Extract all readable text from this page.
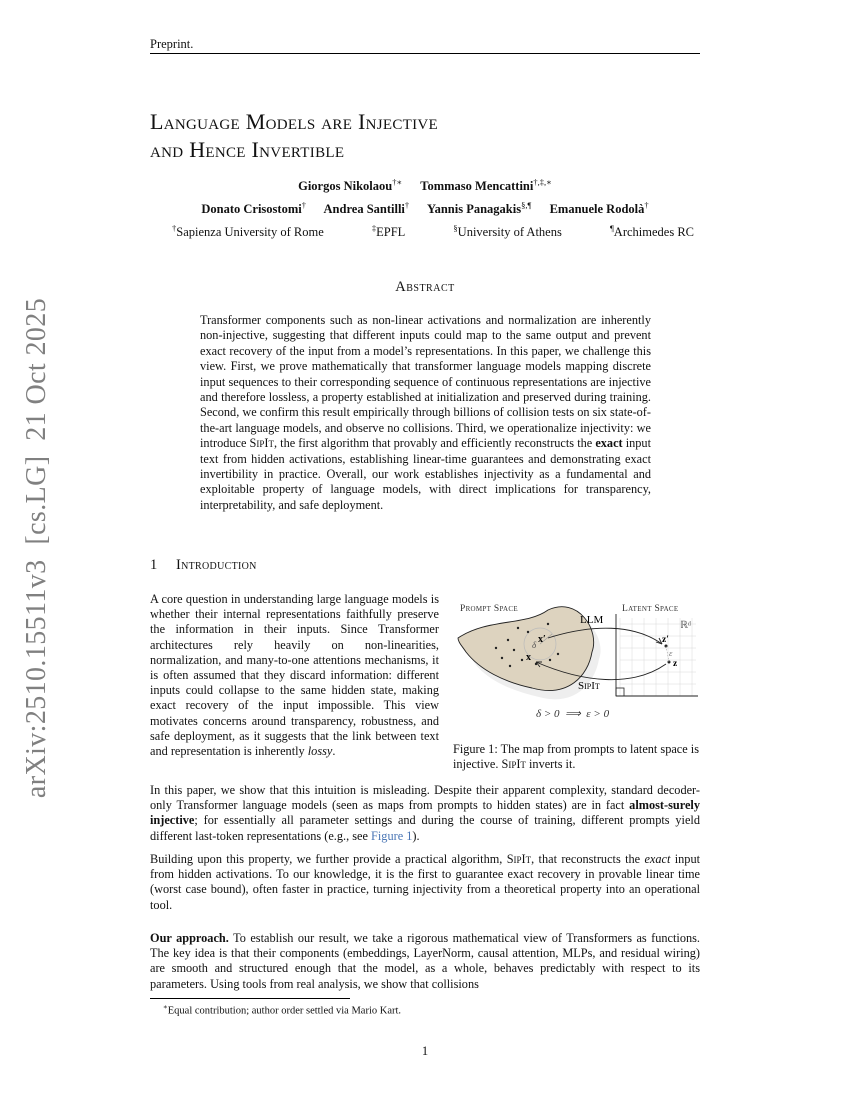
Preprint.
Language Models are Injective
and Hence Invertible
Giorgos Nikolaou†∗ Tommaso Mencattini†,‡,∗
Donato Crisostomi† Andrea Santilli† Yannis Panagakis§,¶ Emanuele Rodolà†
†Sapienza University of Rome	‡EPFL	§University of Athens	¶Archimedes RC
Abstract
Transformer components such as non-linear activations and normalization are inherently non-injective, suggesting that different inputs could map to the same output and prevent exact recovery of the input from a model’s representations. In this paper, we challenge this view. First, we prove mathematically that transformer language models mapping discrete input sequences to their corresponding sequence of continuous representations are injective and therefore lossless, a property established at initialization and preserved during training. Second, we confirm this result empirically through billions of collision tests on six state-of-the-art language models, and observe no collisions. Third, we operationalize injectivity: we introduce SipIt, the first algorithm that provably and efficiently reconstructs the exact input text from hidden activations, establishing linear-time guarantees and demonstrating exact invertibility in practice. Overall, our work establishes injectivity as a fundamental and exploitable property of language models, with direct implications for transparency, interpretability, and safe deployment.
1 Introduction
A core question in understanding large language models is whether their internal representations faithfully preserve the information in their inputs. Since Transformer architectures rely heavily on non-linearities, normalization, and many-to-one attentions mechanisms, it is often assumed that they discard information: different inputs could collapse to the same hidden state, making exact recovery of the input impossible. This view motivates concerns around transparency, robustness, and safe deployment, as it suggests that the link between text and representation is inherently lossy.
Prompt Space	Latent Space
δ x′
x
ℝᵈ
z′
z
ε
LLM
SipIt
δ > 0  ⟹  ε > 0
Figure 1: The map from prompts to latent space is injective. SipIt inverts it.
In this paper, we show that this intuition is misleading. Despite their apparent complexity, standard decoder-only Transformer language models (seen as maps from prompts to hidden states) are in fact almost-surely injective; for essentially all parameter settings and during the course of training, different prompts yield different last-token representations (e.g., see Figure 1).
Building upon this property, we further provide a practical algorithm, SipIt, that reconstructs the exact input from hidden activations. To our knowledge, it is the first to guarantee exact recovery in provable linear time (worst case bound), often faster in practice, turning injectivity from a theoretical property into an operational tool.
Our approach. To establish our result, we take a rigorous mathematical view of Transformers as functions. The key idea is that their components (embeddings, LayerNorm, causal attention, MLPs, and residual wiring) are smooth and structured enough that the model, as a whole, behaves predictably with respect to its parameters. Using tools from real analysis, we show that collisions
∗Equal contribution; author order settled via Mario Kart.
1
arXiv:2510.15511v3  [cs.LG]  21 Oct 2025
